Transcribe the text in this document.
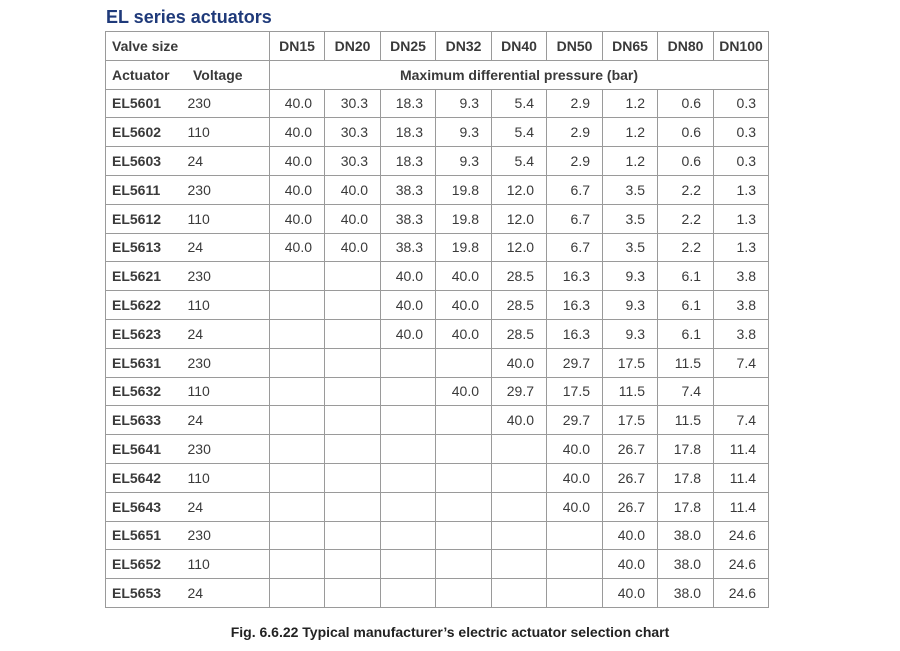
EL series actuators
Valve size		DN15	DN20	DN25	DN32	DN40	DN50	DN65	DN80	DN100

Actuator Voltage		Maximum differential pressure (bar)								
EL5601	230	40.0	30.3	18.3	9.3	5.4	2.9	1.2	0.6	0.3
EL5602	110	40.0	30.3	18.3	9.3	5.4	2.9	1.2	0.6	0.3
EL5603	24	40.0	30.3	18.3	9.3	5.4	2.9	1.2	0.6	0.3
EL5611	230	40.0	40.0	38.3	19.8	12.0	6.7	3.5	2.2	1.3
EL5612	110	40.0	40.0	38.3	19.8	12.0	6.7	3.5	2.2	1.3
EL5613	24	40.0	40.0	38.3	19.8	12.0	6.7	3.5	2.2	1.3
EL5621	230			40.0	40.0	28.5	16.3	9.3	6.1	3.8
EL5622	110			40.0	40.0	28.5	16.3	9.3	6.1	3.8
EL5623	24			40.0	40.0	28.5	16.3	9.3	6.1	3.8
EL5631	230					40.0	29.7	17.5	11.5	7.4
EL5632	110				40.0	29.7	17.5	11.5	7.4	
EL5633	24					40.0	29.7	17.5	11.5	7.4
EL5641	230						40.0	26.7	17.8	11.4
EL5642	110						40.0	26.7	17.8	11.4
EL5643	24						40.0	26.7	17.8	11.4
EL5651	230							40.0	38.0	24.6
EL5652	110							40.0	38.0	24.6
EL5653	24							40.0	38.0	24.6

Fig. 6.6.22 Typical manufacturer’s electric actuator selection chart
